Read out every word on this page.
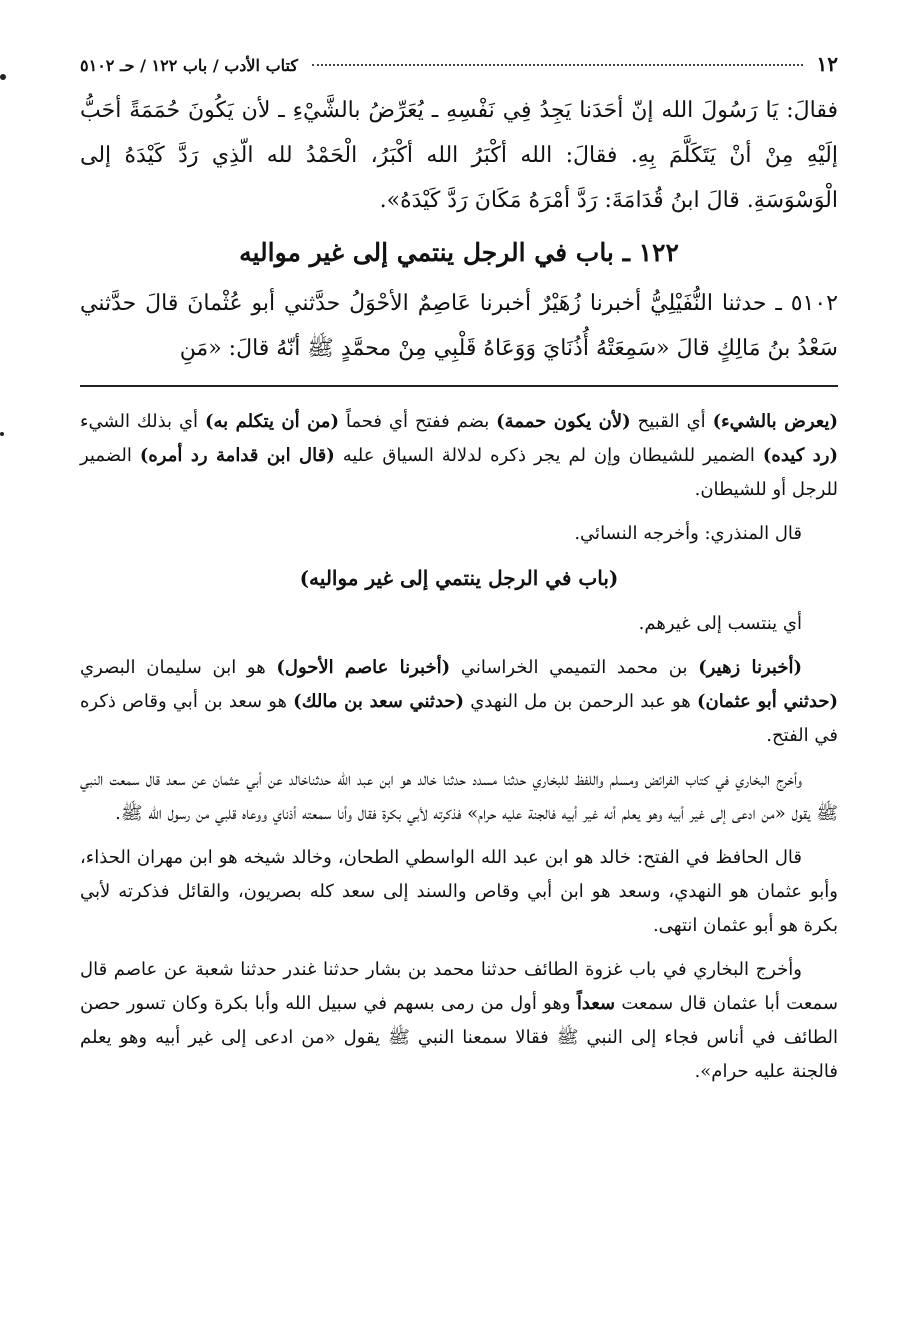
١٢
كتاب الأدب / باب ١٢٢ / حـ ٥١٠٢

فقالَ: يَا رَسُولَ الله إنّ أحَدَنا يَجِدُ فِي نَفْسِهِ ـ يُعَرِّضُ بالشَّيْءِ ـ لأن يَكُونَ حُمَمَةً أحَبُّ إلَيْهِ مِنْ أنْ يَتَكَلَّمَ بِهِ. فقالَ: الله أكْبَرُ الله أكْبَرُ، الْحَمْدُ لله الّذِي رَدَّ كَيْدَهُ إلى الْوَسْوَسَةِ. قالَ ابنُ قُدَامَةَ: رَدَّ أمْرَهُ مَكَانَ رَدَّ كَيْدَهُ».

١٢٢ ـ باب في الرجل ينتمي إلى غير مواليه

٥١٠٢ ـ حدثنا النُّفَيْلِيُّ أخبرنا زُهَيْرٌ أخبرنا عَاصِمٌ الأحْوَلُ حدَّثني أبو عُثْمانَ قالَ حدَّثني سَعْدُ بنُ مَالِكٍ قالَ «سَمِعَتْهُ أُذُنَايَ وَوَعَاهُ قَلْبِي مِنْ محمَّدٍ ﷺ أنّهُ قالَ: «مَنِ

(يعرض بالشيء) أي القبيح (لأن يكون حممة) بضم ففتح أي فحماً (من أن يتكلم به) أي بذلك الشيء (رد كيده) الضمير للشيطان وإن لم يجر ذكره لدلالة السياق عليه (قال ابن قدامة رد أمره) الضمير للرجل أو للشيطان.

قال المنذري: وأخرجه النسائي.

(باب في الرجل ينتمي إلى غير مواليه)

أي ينتسب إلى غيرهم.

(أخبرنا زهير) بن محمد التميمي الخراساني (أخبرنا عاصم الأحول) هو ابن سليمان البصري (حدثني أبو عثمان) هو عبد الرحمن بن مل النهدي (حدثني سعد بن مالك) هو سعد بن أبي وقاص ذكره في الفتح.

وأخرج البخاري في كتاب الفرائض ومسلم واللفظ للبخاري حدثنا مسدد حدثنا خالد هو ابن عبد الله حدثناخالد عن أبي عثمان عن سعد قال سمعت النبي ﷺ يقول «من ادعى إلى غير أبيه وهو يعلم أنه غير أبيه فالجنة عليه حرام» فذكرته لأبي بكرة فقال وأنا سمعته أذناي ووعاه قلبي من رسول الله ﷺ.

قال الحافظ في الفتح: خالد هو ابن عبد الله الواسطي الطحان، وخالد شيخه هو ابن مهران الحذاء، وأبو عثمان هو النهدي، وسعد هو ابن أبي وقاص والسند إلى سعد كله بصريون، والقائل فذكرته لأبي بكرة هو أبو عثمان انتهى.

وأخرج البخاري في باب غزوة الطائف حدثنا محمد بن بشار حدثنا غندر حدثنا شعبة عن عاصم قال سمعت أبا عثمان قال سمعت سعداً وهو أول من رمى بسهم في سبيل الله وأبا بكرة وكان تسور حصن الطائف في أناس فجاء إلى النبي ﷺ فقالا سمعنا النبي ﷺ يقول «من ادعى إلى غير أبيه وهو يعلم فالجنة عليه حرام».
